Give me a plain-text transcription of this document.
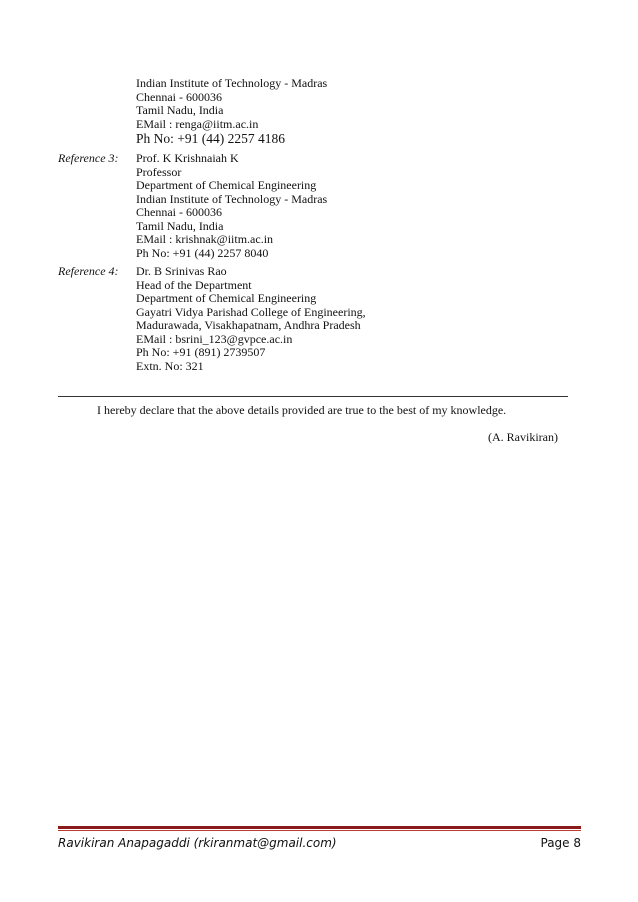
Indian Institute of Technology - Madras
Chennai - 600036
Tamil Nadu, India
EMail : renga@iitm.ac.in
Ph No: +91 (44) 2257 4186
Reference 3: Prof. K Krishnaiah K
Professor
Department of Chemical Engineering
Indian Institute of Technology - Madras
Chennai - 600036
Tamil Nadu, India
EMail : krishnak@iitm.ac.in
Ph No: +91 (44) 2257 8040
Reference 4: Dr. B Srinivas Rao
Head of the Department
Department of Chemical Engineering
Gayatri Vidya Parishad College of Engineering,
Madurawada, Visakhapatnam, Andhra Pradesh
EMail : bsrini_123@gvpce.ac.in
Ph No: +91 (891) 2739507
Extn. No: 321
I hereby declare that the above details provided are true to the best of my knowledge.
(A. Ravikiran)
Ravikiran Anapagaddi (rkiranmat@gmail.com)	Page 8
